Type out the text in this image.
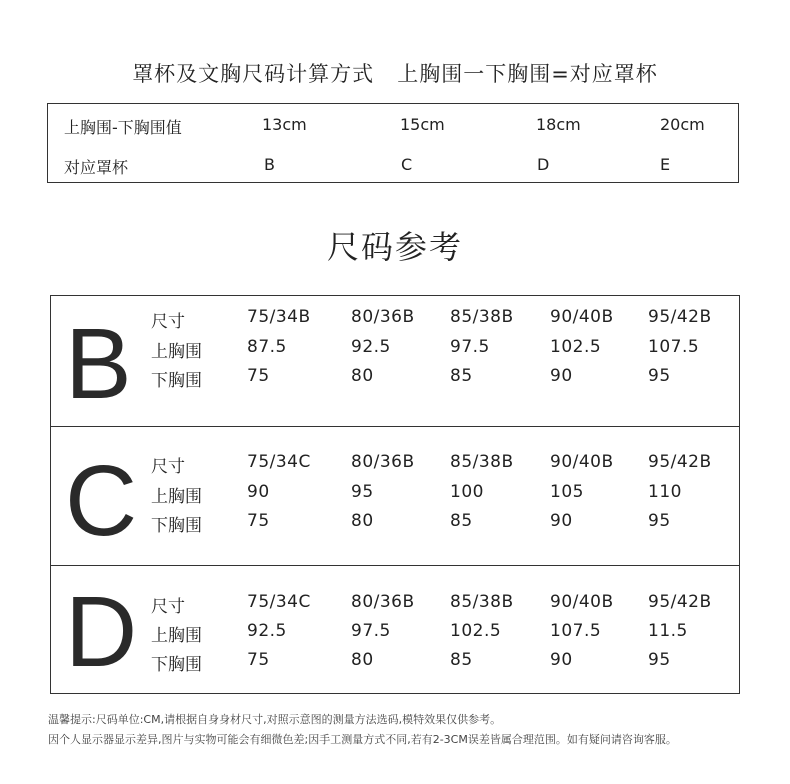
罩杯及文胸尺码计算方式   上胸围一下胸围=对应罩杯
上胸围-下胸围值	13cm	15cm	18cm	20cm
对应罩杯	B	C	D	E
尺码参考
B 尺寸	75/34B 80/36B 85/38B 90/40B 95/42B
上胸围	87.5	92.5	97.5	102.5	107.5
下胸围	75	80	85	90	95
C 尺寸	75/34C 80/36B 85/38B 90/40B 95/42B
上胸围	90	95	100	105	110
下胸围	75	80	85	90	95
D 尺寸	75/34C 80/36B 85/38B 90/40B 95/42B
上胸围	92.5	97.5	102.5	107.5	11.5
下胸围	75	80	85	90	95
温馨提示:尺码单位:CM,请根据自身身材尺寸,对照示意图的测量方法选码,模特效果仅供参考。
因个人显示器显示差异,图片与实物可能会有细微色差;因手工测量方式不同,若有2-3CM误差皆属合理范围。如有疑问请咨询客服。
